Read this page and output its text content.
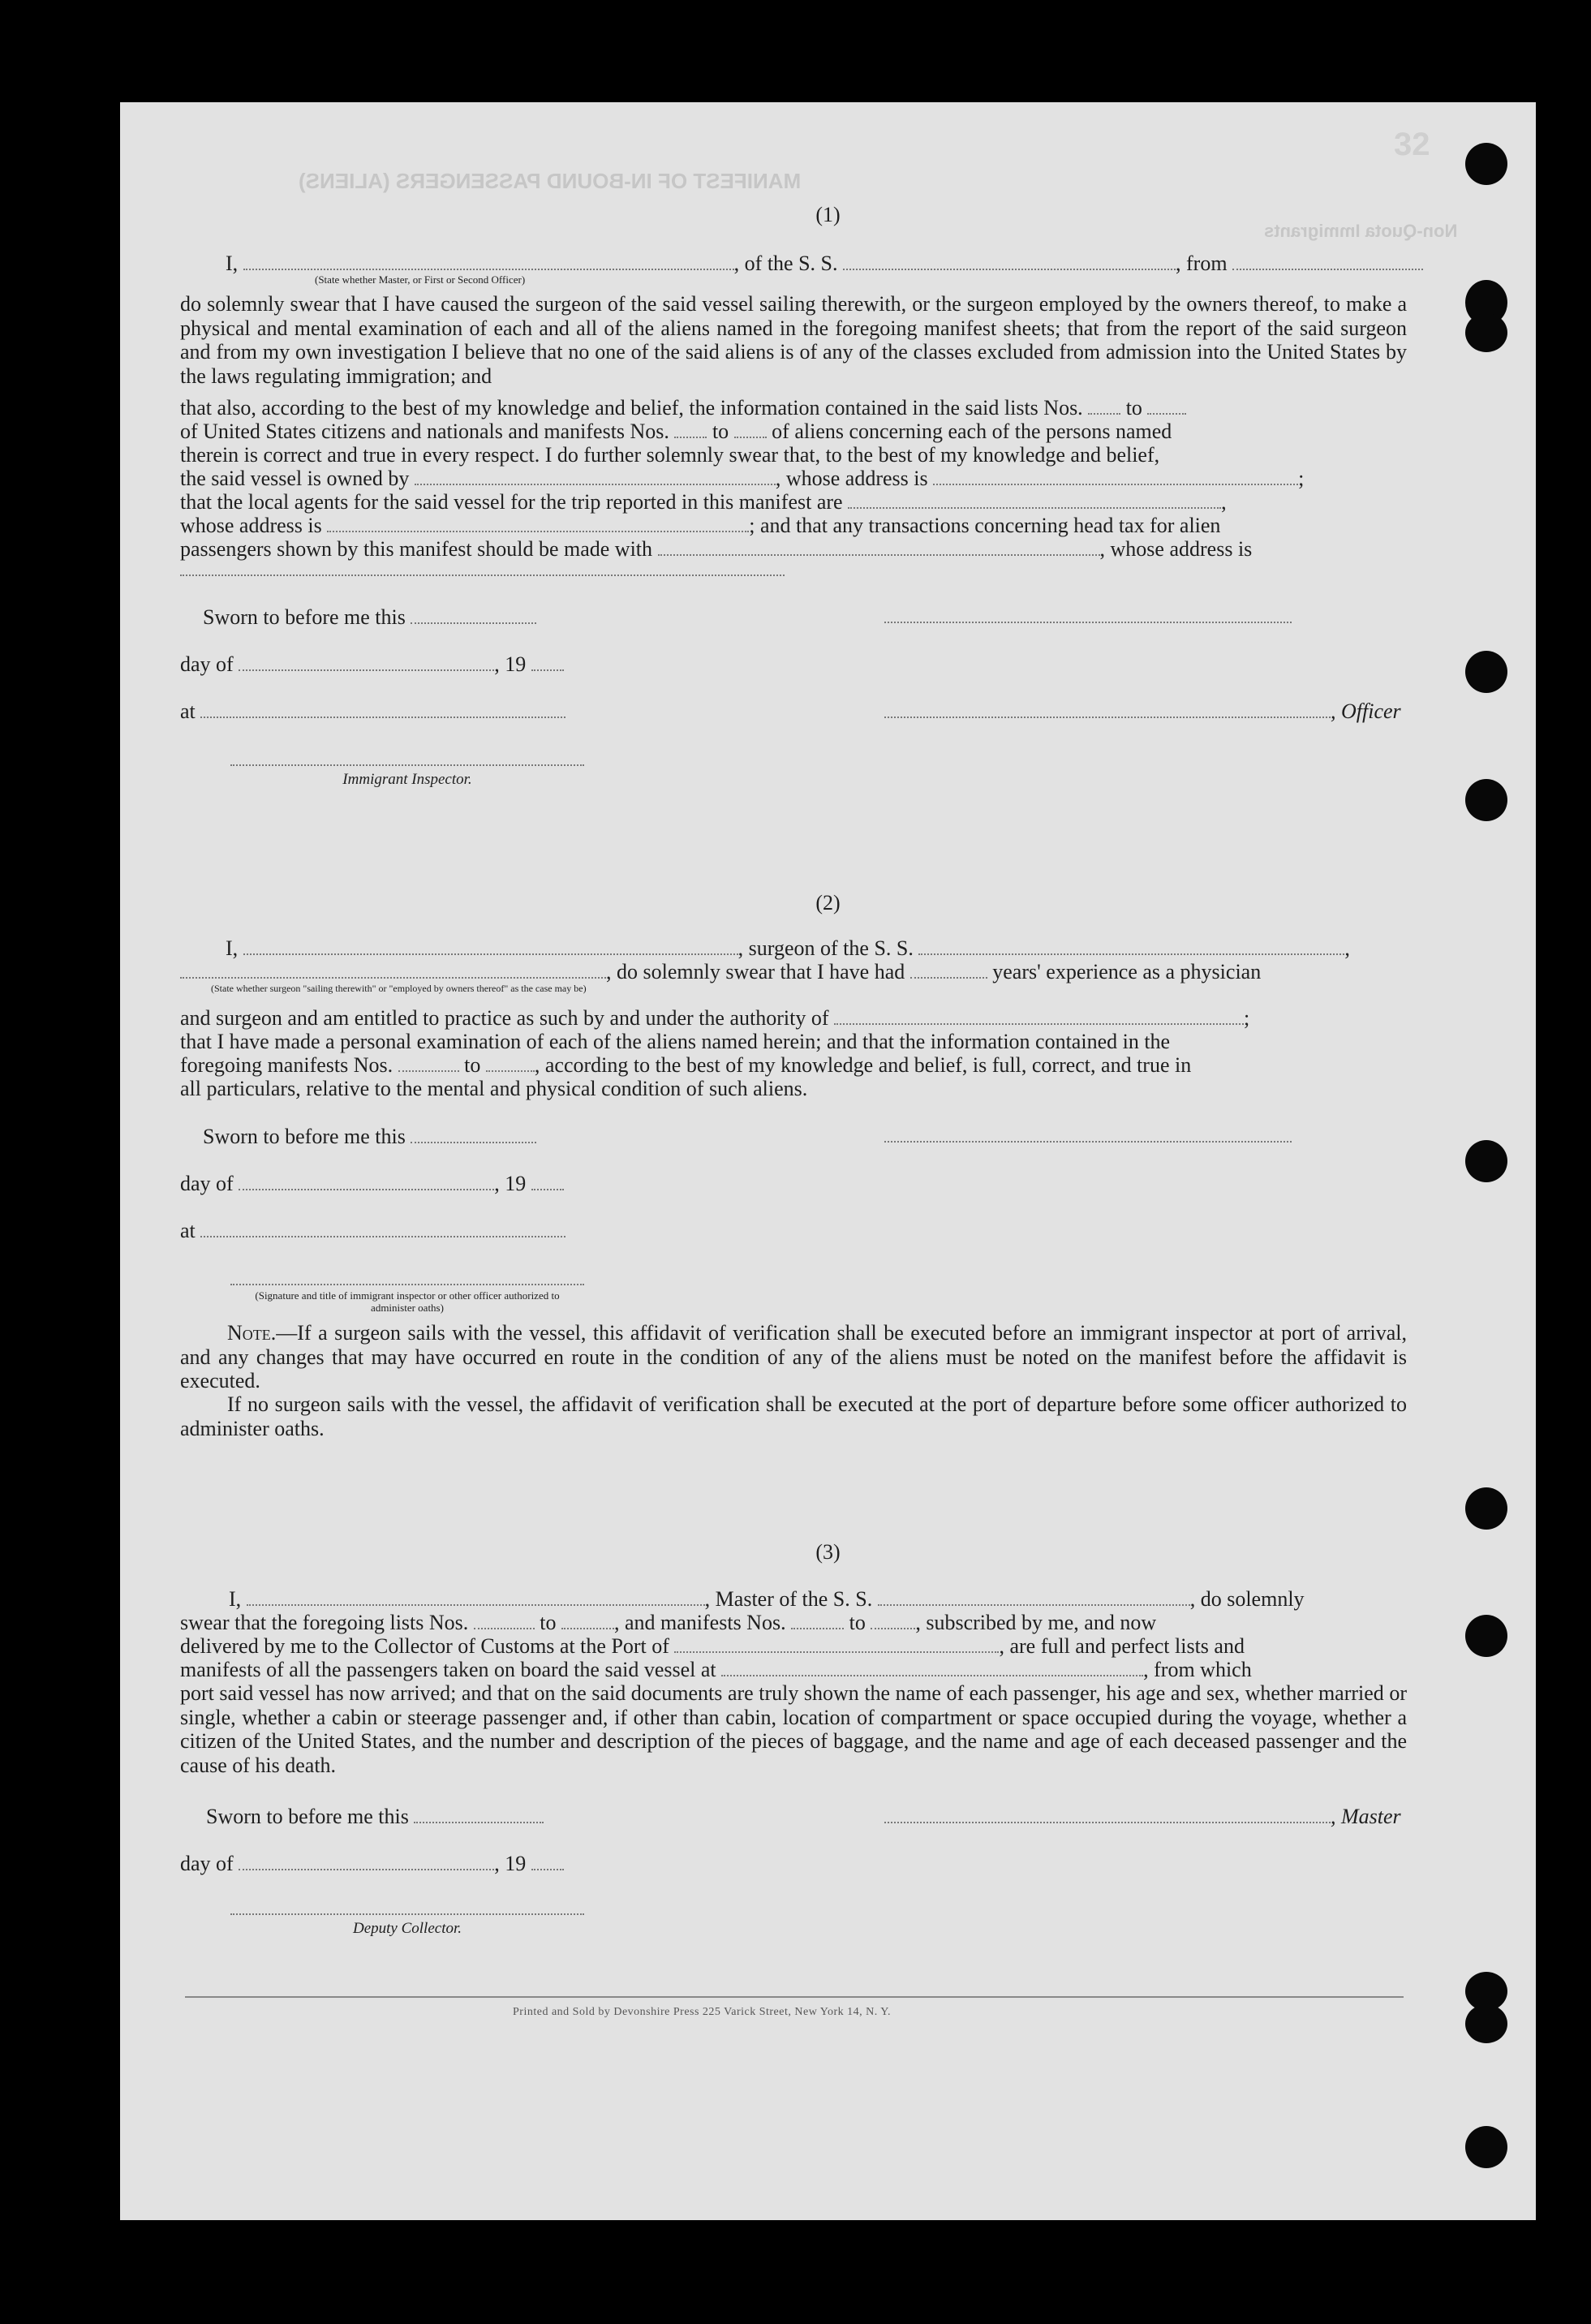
32
MANIFEST OF IN-BOUND PASSENGERS (ALIENS)
Non-Quota Immigrants
(1)
I,	, of the S. S.	, from
(State whether Master, or First or Second Officer)
do solemnly swear that I have caused the surgeon of the said vessel sailing therewith, or the surgeon employed by the owners thereof, to make a physical and mental examination of each and all of the aliens named in the foregoing manifest sheets; that from the report of the said surgeon and from my own investigation I believe that no one of the said aliens is of any of the classes excluded from admission into the United States by the laws regulating immigration; and
that also, according to the best of my knowledge and belief, the information contained in the said lists Nos. to
of United States citizens and nationals and manifests Nos. to of aliens concerning each of the persons named
therein is correct and true in every respect. I do further solemnly swear that, to the best of my knowledge and belief,
the said vessel is owned by	, whose address is	;
that the local agents for the said vessel for the trip reported in this manifest are	,
whose address is	; and that any transactions concerning head tax for alien
passengers shown by this manifest should be made with	, whose address is
Sworn to before me this
day of	, 19
at	, Officer
Immigrant Inspector.
(2)
I,	, surgeon of the S. S.	,
, do solemnly swear that I have had	years' experience as a physician
(State whether surgeon "sailing therewith" or "employed by owners thereof" as the case may be)
and surgeon and am entitled to practice as such by and under the authority of	;
that I have made a personal examination of each of the aliens named herein; and that the information contained in the
foregoing manifests Nos.	to	, according to the best of my knowledge and belief, is full, correct, and true in
all particulars, relative to the mental and physical condition of such aliens.
Sworn to before me this
day of	, 19
at
(Signature and title of immigrant inspector or other officer authorized to administer oaths)
Note.—If a surgeon sails with the vessel, this affidavit of verification shall be executed before an immigrant inspector at port of arrival, and any changes that may have occurred en route in the condition of any of the aliens must be noted on the manifest before the affidavit is executed.
If no surgeon sails with the vessel, the affidavit of verification shall be executed at the port of departure before some officer authorized to administer oaths.
(3)
I,	, Master of the S. S.	, do solemnly
swear that the foregoing lists Nos.	to	, and manifests Nos.	to , subscribed by me, and now
delivered by me to the Collector of Customs at the Port of	, are full and perfect lists and
manifests of all the passengers taken on board the said vessel at	, from which
port said vessel has now arrived; and that on the said documents are truly shown the name of each passenger, his age and sex, whether married or single, whether a cabin or steerage passenger and, if other than cabin, location of compartment or space occupied during the voyage, whether a citizen of the United States, and the number and description of the pieces of baggage, and the name and age of each deceased passenger and the cause of his death.
Sworn to before me this	, Master
day of	, 19
Deputy Collector.
Printed and Sold by Devonshire Press 225 Varick Street, New York 14, N. Y.
